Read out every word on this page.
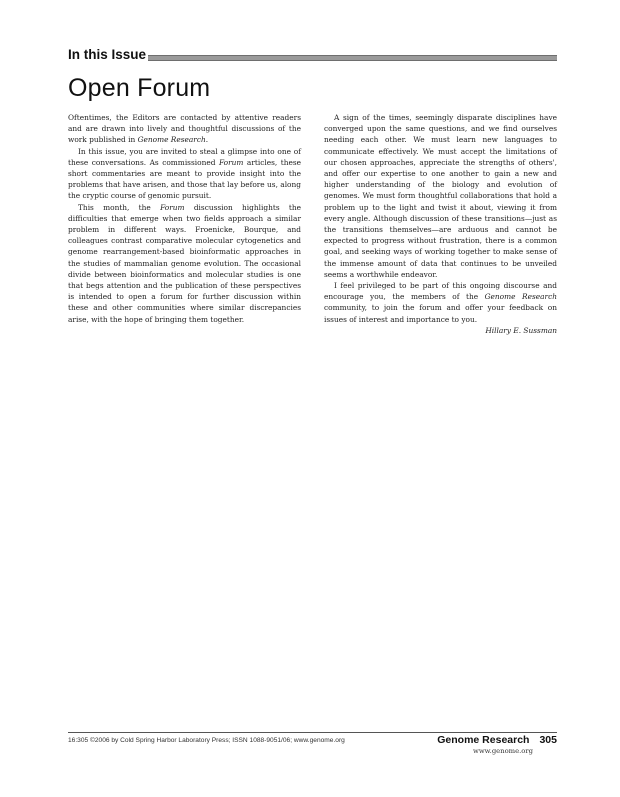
In this Issue
Open Forum

Oftentimes, the Editors are contacted by attentive readers and are drawn into lively and thoughtful discussions of the work published in Genome Research.

In this issue, you are invited to steal a glimpse into one of these conversations. As commissioned Forum articles, these short commentaries are meant to provide insight into the problems that have arisen, and those that lay before us, along the cryptic course of genomic pursuit.

This month, the Forum discussion highlights the difficulties that emerge when two fields approach a similar problem in different ways. Froenicke, Bourque, and colleagues contrast comparative molecular cytogenetics and genome rearrangement-based bioinformatic approaches in the studies of mammalian genome evolution. The occasional divide between bioinformatics and molecular studies is one that begs attention and the publication of these perspectives is intended to open a forum for further discussion within these and other communities where similar discrepancies arise, with the hope of bringing them together.

A sign of the times, seemingly disparate disciplines have converged upon the same questions, and we find ourselves needing each other. We must learn new languages to communicate effectively. We must accept the limitations of our chosen approaches, appreciate the strengths of others', and offer our expertise to one another to gain a new and higher understanding of the biology and evolution of genomes. We must form thoughtful collaborations that hold a problem up to the light and twist it about, viewing it from every angle. Although discussion of these transitions—just as the transitions themselves—are arduous and cannot be expected to progress without frustration, there is a common goal, and seeking ways of working together to make sense of the immense amount of data that continues to be unveiled seems a worthwhile endeavor.

I feel privileged to be part of this ongoing discourse and encourage you, the members of the Genome Research community, to join the forum and offer your feedback on issues of interest and importance to you.

Hillary E. Sussman
16:305 ©2006 by Cold Spring Harbor Laboratory Press; ISSN 1088-9051/06; www.genome.org	Genome Research 305
www.genome.org
